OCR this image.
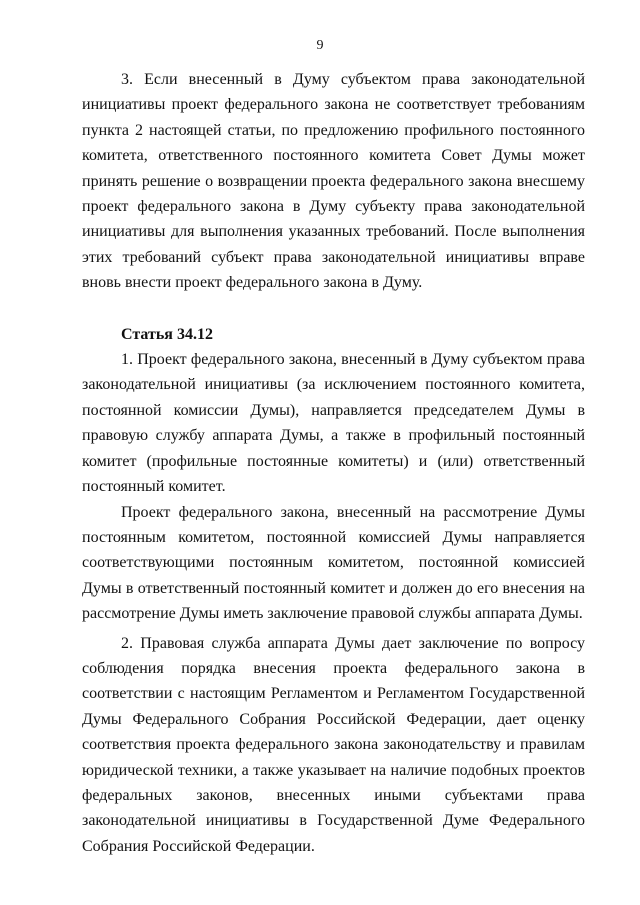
9

3. Если внесенный в Думу субъектом права законодательной инициативы проект федерального закона не соответствует требованиям пункта 2 настоящей статьи, по предложению профильного постоянного комитета, ответственного постоянного комитета Совет Думы может принять решение о возвращении проекта федерального закона внесшему проект федерального закона в Думу субъекту права законодательной инициативы для выполнения указанных требований. После выполнения этих требований субъект права законодательной инициативы вправе вновь внести проект федерального закона в Думу.

Статья 34.12

1. Проект федерального закона, внесенный в Думу субъектом права законодательной инициативы (за исключением постоянного комитета, постоянной комиссии Думы), направляется председателем Думы в правовую службу аппарата Думы, а также в профильный постоянный комитет (профильные постоянные комитеты) и (или) ответственный постоянный комитет.

Проект федерального закона, внесенный на рассмотрение Думы постоянным комитетом, постоянной комиссией Думы направляется соответствующими постоянным комитетом, постоянной комиссией Думы в ответственный постоянный комитет и должен до его внесения на рассмотрение Думы иметь заключение правовой службы аппарата Думы.

2. Правовая служба аппарата Думы дает заключение по вопросу соблюдения порядка внесения проекта федерального закона в соответствии с настоящим Регламентом и Регламентом Государственной Думы Федерального Собрания Российской Федерации, дает оценку соответствия проекта федерального закона законодательству и правилам юридической техники, а также указывает на наличие подобных проектов федеральных законов, внесенных иными субъектами права законодательной инициативы в Государственной Думе Федерального Собрания Российской Федерации.
